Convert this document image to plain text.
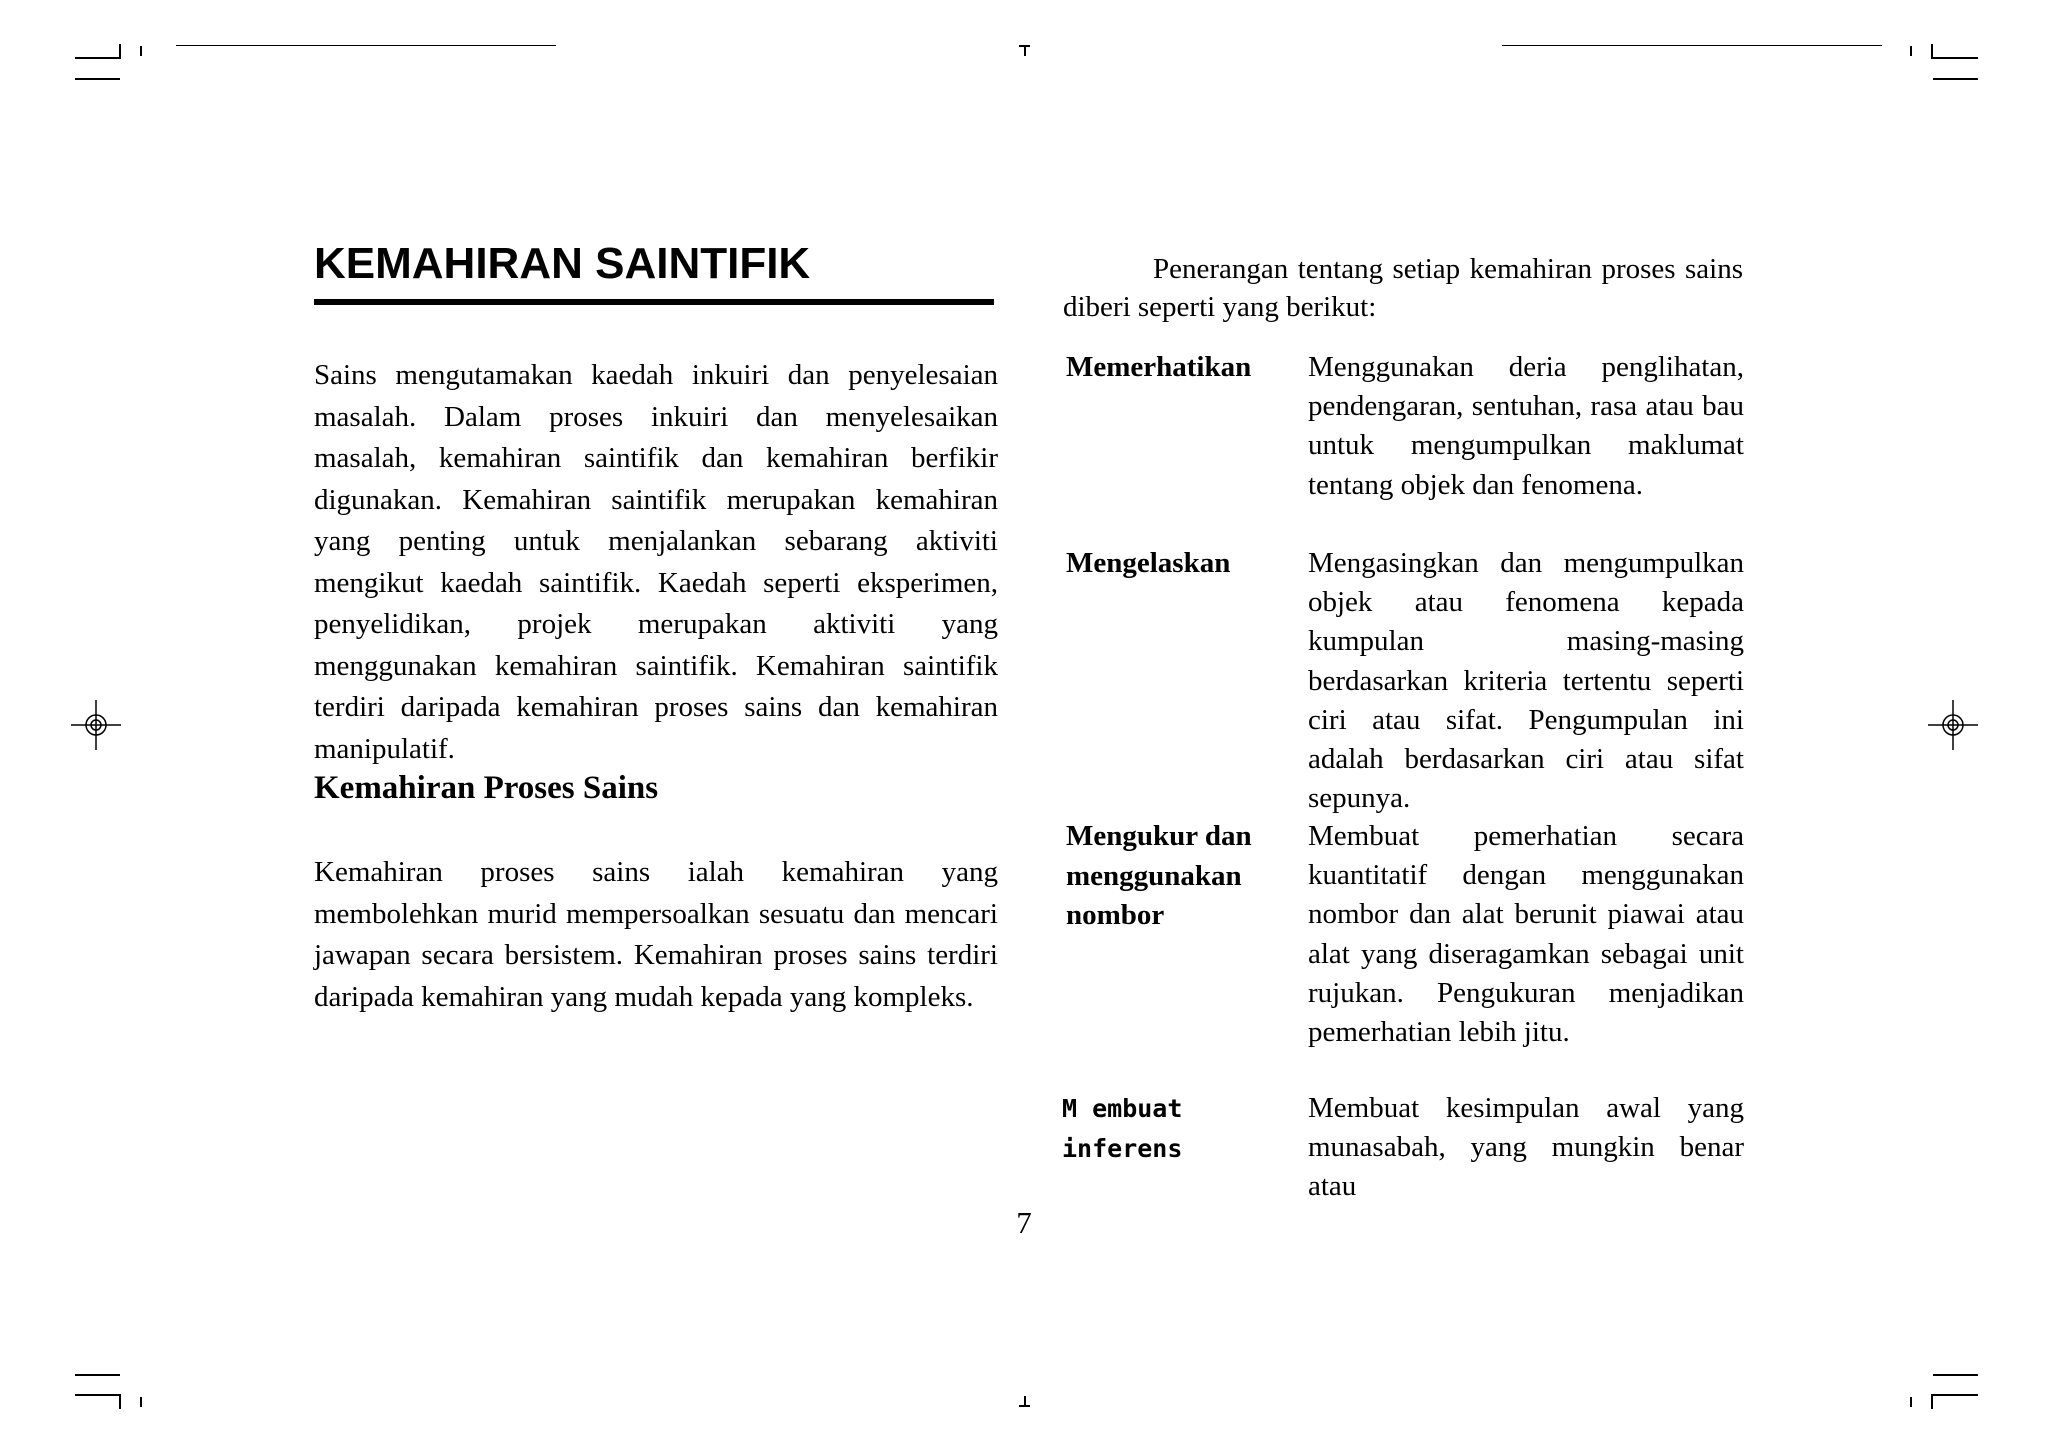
KEMAHIRAN SAINTIFIK

Sains mengutamakan kaedah inkuiri dan penyelesaian masalah. Dalam proses inkuiri dan menyelesaikan masalah, kemahiran saintifik dan kemahiran berfikir digunakan. Kemahiran saintifik merupakan kemahiran yang penting untuk menjalankan sebarang aktiviti mengikut kaedah saintifik. Kaedah seperti eksperimen, penyelidikan, projek merupakan aktiviti yang menggunakan kemahiran saintifik. Kemahiran saintifik terdiri daripada kemahiran proses sains dan kemahiran manipulatif.

Kemahiran Proses Sains

Kemahiran proses sains ialah kemahiran yang membolehkan murid mempersoalkan sesuatu dan mencari jawapan secara bersistem. Kemahiran proses sains terdiri daripada kemahiran yang mudah kepada yang kompleks.

Penerangan tentang setiap kemahiran proses sains diberi seperti yang berikut:

Memerhatikan	Menggunakan deria penglihatan, pendengaran, sentuhan, rasa atau bau untuk mengumpulkan maklumat tentang objek dan fenomena.

Mengelaskan	Mengasingkan dan mengumpulkan objek atau fenomena kepada kumpulan masing-masing berdasarkan kriteria tertentu seperti ciri atau sifat. Pengumpulan ini adalah berdasarkan ciri atau sifat sepunya.

Mengukur dan menggunakan nombor

Membuat pemerhatian secara kuantitatif dengan menggunakan nombor dan alat berunit piawai atau alat yang diseragamkan sebagai unit rujukan. Pengukuran menjadikan pemerhatian lebih jitu.

M embuat inferens

Membuat kesimpulan awal yang munasabah, yang mungkin benar atau

7
